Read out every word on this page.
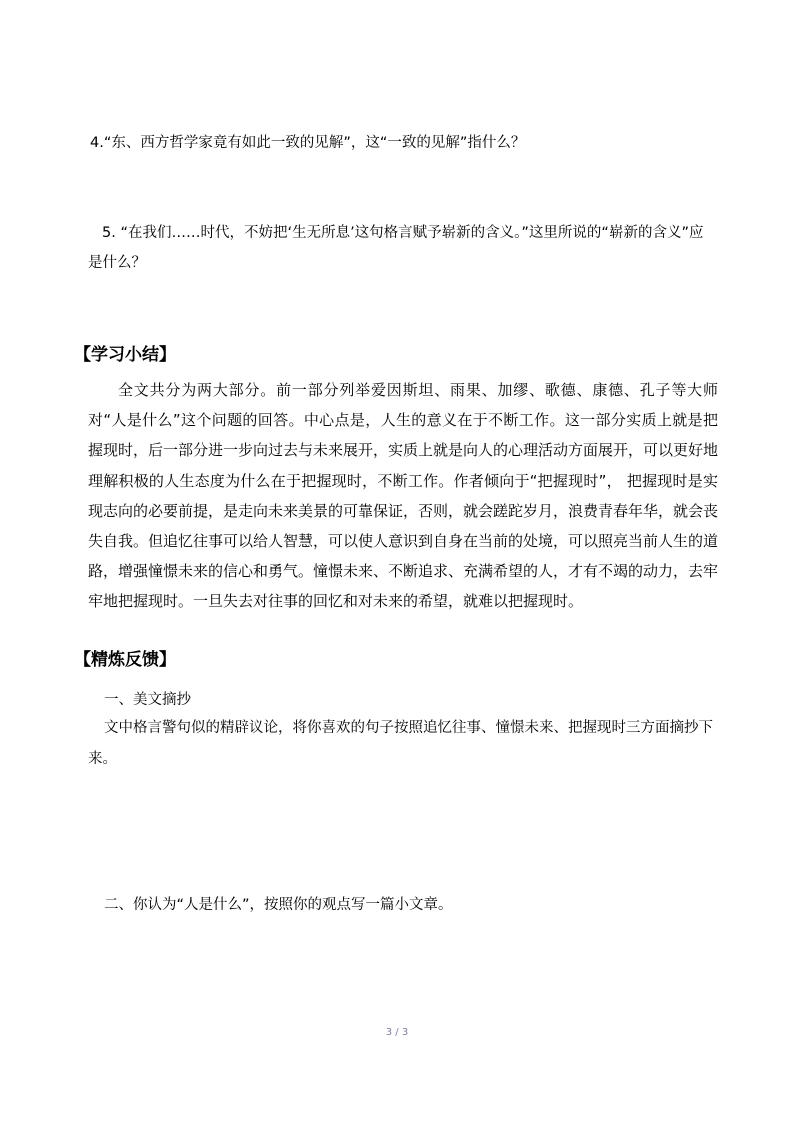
4.“东、西方哲学家竟有如此一致的见解”，这“一致的见解”指什么？

5. “在我们……时代，不妨把‘生无所息’这句格言赋予崭新的含义。”这里所说的“崭新的含义”应是什么？

【学习小结】

全文共分为两大部分。前一部分列举爱因斯坦、雨果、加缪、歌德、康德、孔子等大师对“人是什么”这个问题的回答。中心点是，人生的意义在于不断工作。这一部分实质上就是把握现时，后一部分进一步向过去与未来展开，实质上就是向人的心理活动方面展开，可以更好地理解积极的人生态度为什么在于把握现时，不断工作。作者倾向于“把握现时”， 把握现时是实现志向的必要前提，是走向未来美景的可靠保证，否则，就会蹉跎岁月，浪费青春年华，就会丧失自我。但追忆往事可以给人智慧，可以使人意识到自身在当前的处境，可以照亮当前人生的道路，增强憧憬未来的信心和勇气。憧憬未来、不断追求、充满希望的人，才有不竭的动力，去牢牢地把握现时。一旦失去对往事的回忆和对未来的希望，就难以把握现时。

【精炼反馈】

一、美文摘抄

文中格言警句似的精辟议论，将你喜欢的句子按照追忆往事、憧憬未来、把握现时三方面摘抄下来。

二、你认为“人是什么”，按照你的观点写一篇小文章。

3 / 3
